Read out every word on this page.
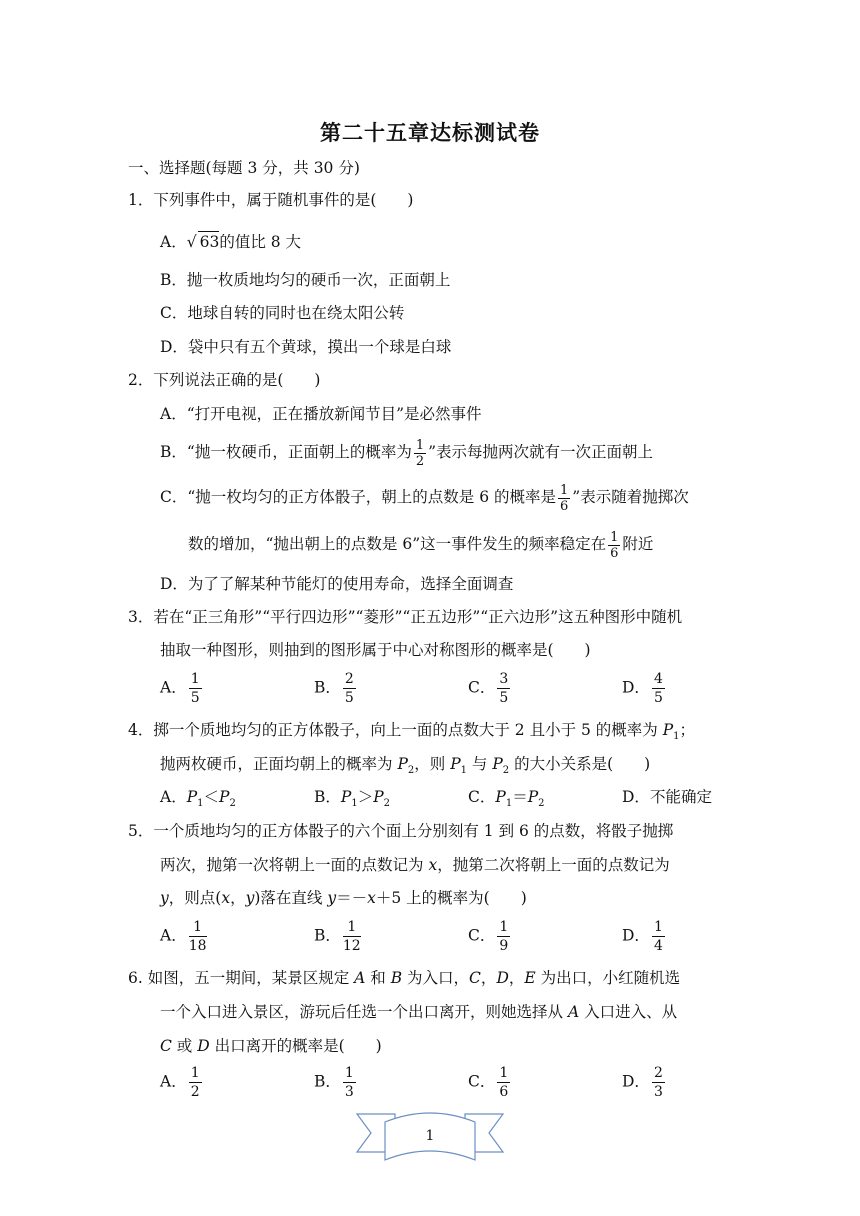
第二十五章达标测试卷
一、选择题(每题 3 分，共 30 分)
1．下列事件中，属于随机事件的是(　　)
A．√ 63的值比 8 大
B．抛一枚质地均匀的硬币一次，正面朝上
C．地球自转的同时也在绕太阳公转
D．袋中只有五个黄球，摸出一个球是白球
2．下列说法正确的是(　　)
A．“打开电视，正在播放新闻节目”是必然事件
B．“抛一枚硬币，正面朝上的概率为 $\frac{1}{2}$ ”表示每抛两次就有一次正面朝上
C．“抛一枚均匀的正方体骰子，朝上的点数是 6 的概率是 $\frac{1}{6}$ ”表示随着抛掷次
数的增加，“抛出朝上的点数是 6”这一事件发生的频率稳定在 $\frac{1}{6}$ 附近
D．为了了解某种节能灯的使用寿命，选择全面调查
3．若在“正三角形”“平行四边形”“菱形”“正五边形”“正六边形”这五种图形中随机
抽取一种图形，则抽到的图形属于中心对称图形的概率是(　　)
A． $\frac{1}{5}$	B． $\frac{2}{5}$	C． $\frac{3}{5}$	D． $\frac{4}{5}$
4．掷一个质地均匀的正方体骰子，向上一面的点数大于 2 且小于 5 的概率为 $P_1$；
抛两枚硬币，正面均朝上的概率为 $P_2$，则 $P_1$ 与 $P_2$ 的大小关系是(　　)
A．$P_1<P_2$	B．$P_1>P_2$	C．$P_1=P_2$	D．不能确定
5．一个质地均匀的正方体骰子的六个面上分别刻有 1 到 6 的点数，将骰子抛掷
两次，抛第一次将朝上一面的点数记为 x，抛第二次将朝上一面的点数记为
y，则点(x，y)落在直线 y＝－x＋5 上的概率为(　　)
A． $\frac{1}{18}$	B． $\frac{1}{12}$	C． $\frac{1}{9}$	D． $\frac{1}{4}$
6. 如图，五一期间，某景区规定 A 和 B 为入口，C，D，E 为出口，小红随机选
一个入口进入景区，游玩后任选一个出口离开，则她选择从 A 入口进入、从
C 或 D 出口离开的概率是(　　)
A． $\frac{1}{2}$	B． $\frac{1}{3}$	C． $\frac{1}{6}$	D． $\frac{2}{3}$
1
